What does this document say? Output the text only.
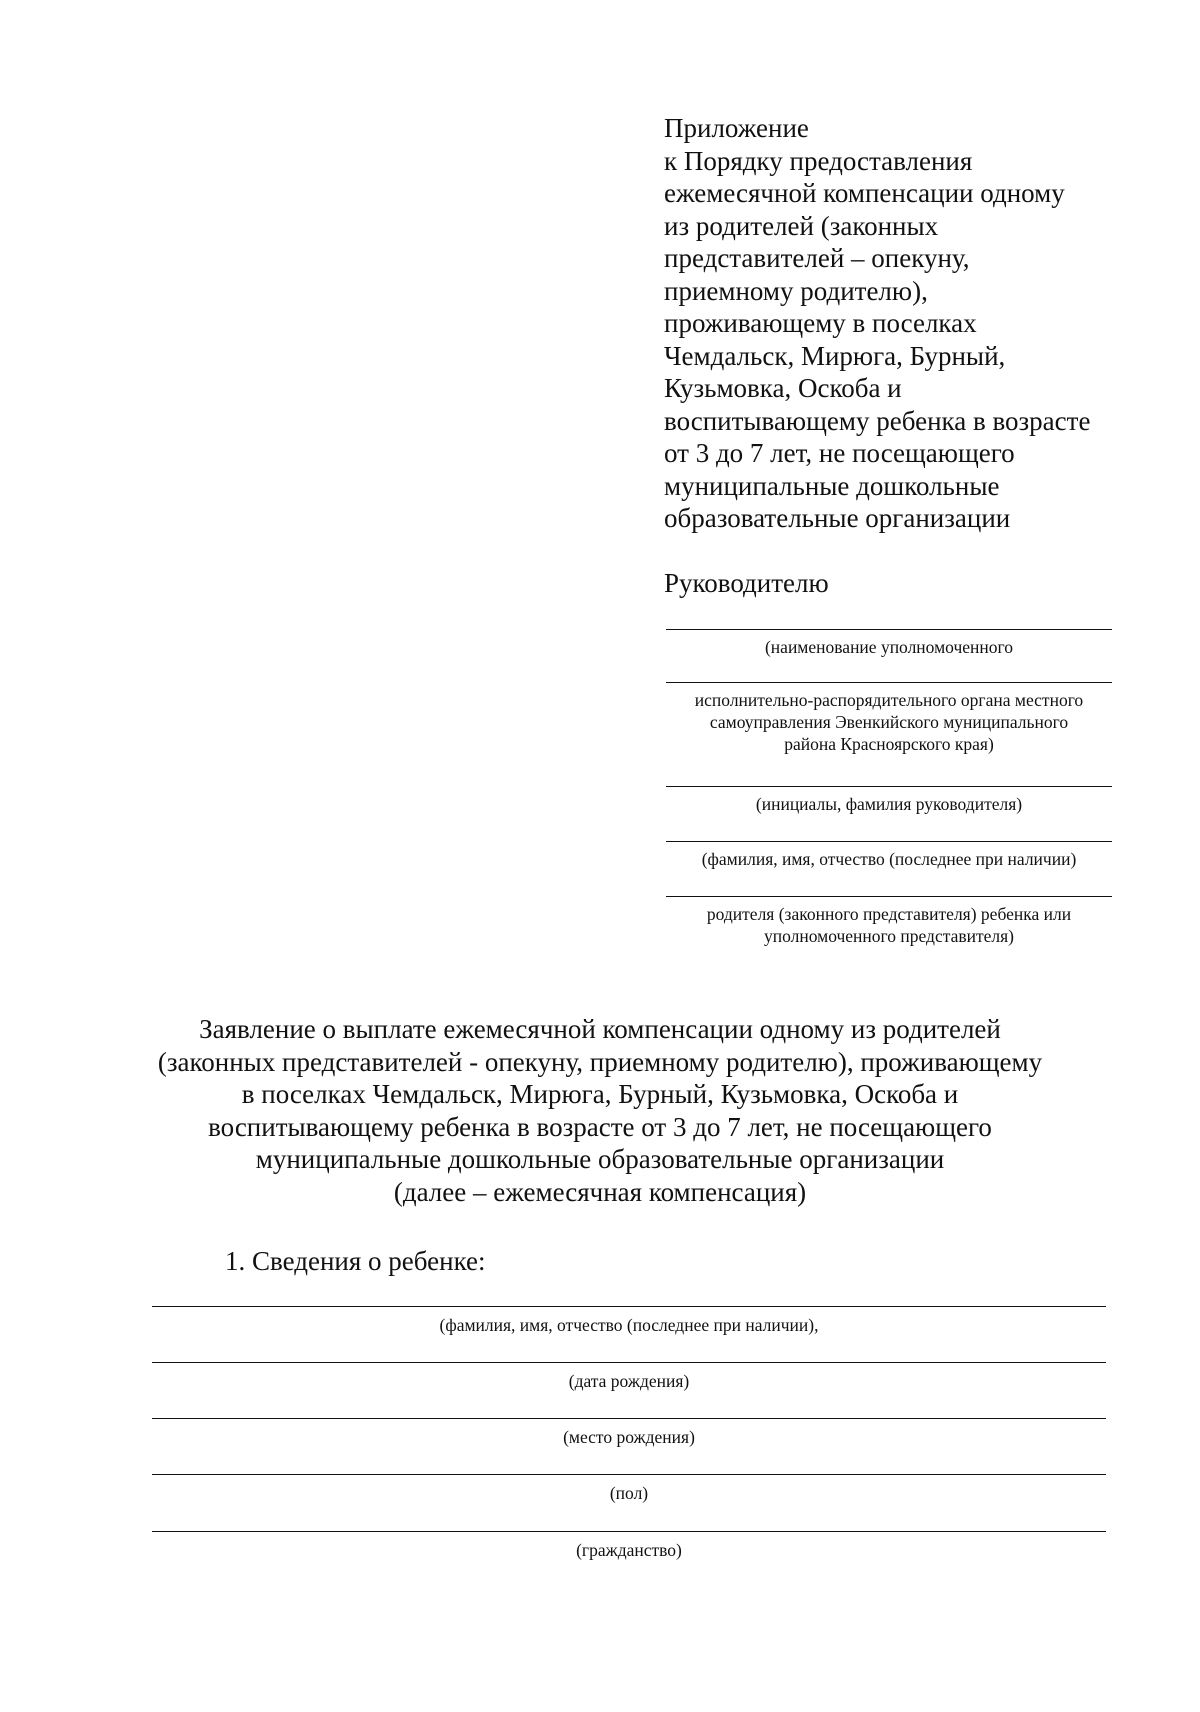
Приложение
к Порядку предоставления
ежемесячной компенсации одному
из родителей (законных
представителей – опекуну,
приемному родителю),
проживающему в поселках
Чемдальск, Мирюга, Бурный,
Кузьмовка, Оскоба и
воспитывающему ребенка в возрасте
от 3 до 7 лет, не посещающего
муниципальные дошкольные
образовательные организации
Руководителю
(наименование уполномоченного
исполнительно-распорядительного органа местного
самоуправления Эвенкийского муниципального
района Красноярского края)
(инициалы, фамилия руководителя)
(фамилия, имя, отчество (последнее при наличии)
родителя (законного представителя) ребенка или
уполномоченного представителя)
Заявление о выплате ежемесячной компенсации одному из родителей
(законных представителей - опекуну, приемному родителю), проживающему
в поселках Чемдальск, Мирюга, Бурный, Кузьмовка, Оскоба и
воспитывающему ребенка в возрасте от 3 до 7 лет, не посещающего
муниципальные дошкольные образовательные организации
(далее – ежемесячная компенсация)
1. Сведения о ребенке:
(фамилия, имя, отчество (последнее при наличии),
(дата рождения)
(место рождения)
(пол)
(гражданство)
